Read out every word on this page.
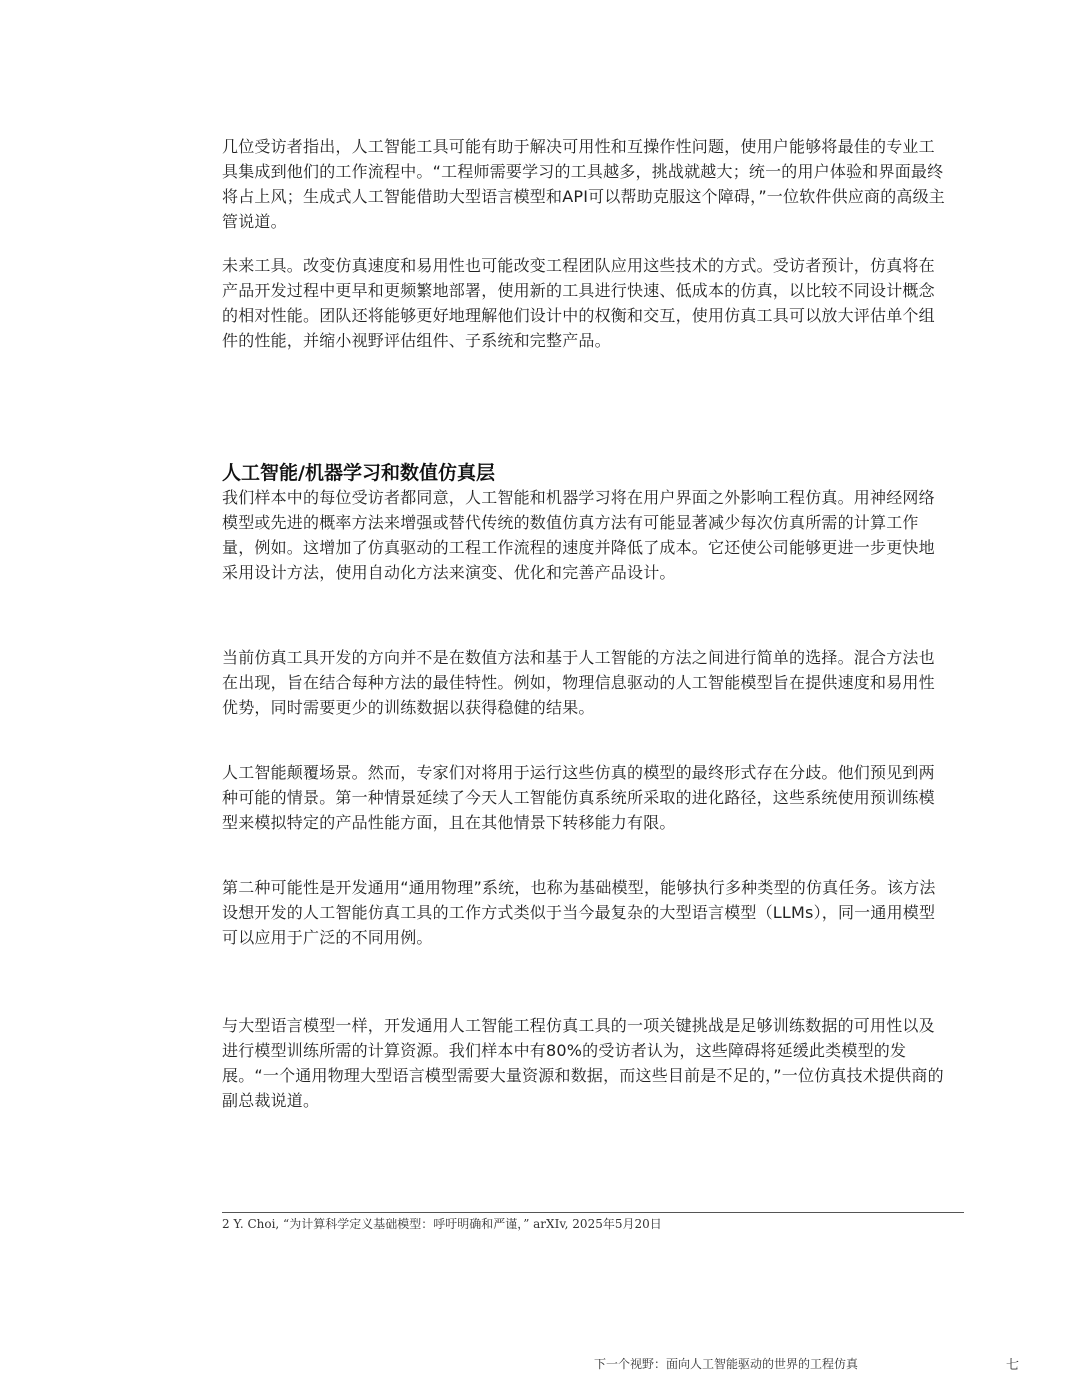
几位受访者指出，人工智能工具可能有助于解决可用性和互操作性问题，使用户能够将最佳的专业工具集成到他们的工作流程中。“工程师需要学习的工具越多，挑战就越大；统一的用户体验和界面最终将占上风；生成式人工智能借助大型语言模型和API可以帮助克服这个障碍，”一位软件供应商的高级主管说道。

未来工具。改变仿真速度和易用性也可能改变工程团队应用这些技术的方式。受访者预计，仿真将在产品开发过程中更早和更频繁地部署，使用新的工具进行快速、低成本的仿真，以比较不同设计概念的相对性能。团队还将能够更好地理解他们设计中的权衡和交互，使用仿真工具可以放大评估单个组件的性能，并缩小视野评估组件、子系统和完整产品。

人工智能/机器学习和数值仿真层

我们样本中的每位受访者都同意，人工智能和机器学习将在用户界面之外影响工程仿真。用神经网络模型或先进的概率方法来增强或替代传统的数值仿真方法有可能显著减少每次仿真所需的计算工作量，例如。这增加了仿真驱动的工程工作流程的速度并降低了成本。它还使公司能够更进一步更快地采用设计方法，使用自动化方法来演变、优化和完善产品设计。

当前仿真工具开发的方向并不是在数值方法和基于人工智能的方法之间进行简单的选择。混合方法也在出现，旨在结合每种方法的最佳特性。例如，物理信息驱动的人工智能模型旨在提供速度和易用性优势，同时需要更少的训练数据以获得稳健的结果。

人工智能颠覆场景。然而，专家们对将用于运行这些仿真的模型的最终形式存在分歧。他们预见到两种可能的情景。第一种情景延续了今天人工智能仿真系统所采取的进化路径，这些系统使用预训练模型来模拟特定的产品性能方面，且在其他情景下转移能力有限。

第二种可能性是开发通用“通用物理”系统，也称为基础模型，能够执行多种类型的仿真任务。该方法设想开发的人工智能仿真工具的工作方式类似于当今最复杂的大型语言模型（LLMs），同一通用模型可以应用于广泛的不同用例。

与大型语言模型一样，开发通用人工智能工程仿真工具的一项关键挑战是足够训练数据的可用性以及进行模型训练所需的计算资源。我们样本中有80%的受访者认为，这些障碍将延缓此类模型的发展。“一个通用物理大型语言模型需要大量资源和数据，而这些目前是不足的，”一位仿真技术提供商的副总裁说道。

2 Y. Choi, “为计算科学定义基础模型：呼吁明确和严谨，” arXIv, 2025年5月20日
下一个视野：面向人工智能驱动的世界的工程仿真	七
